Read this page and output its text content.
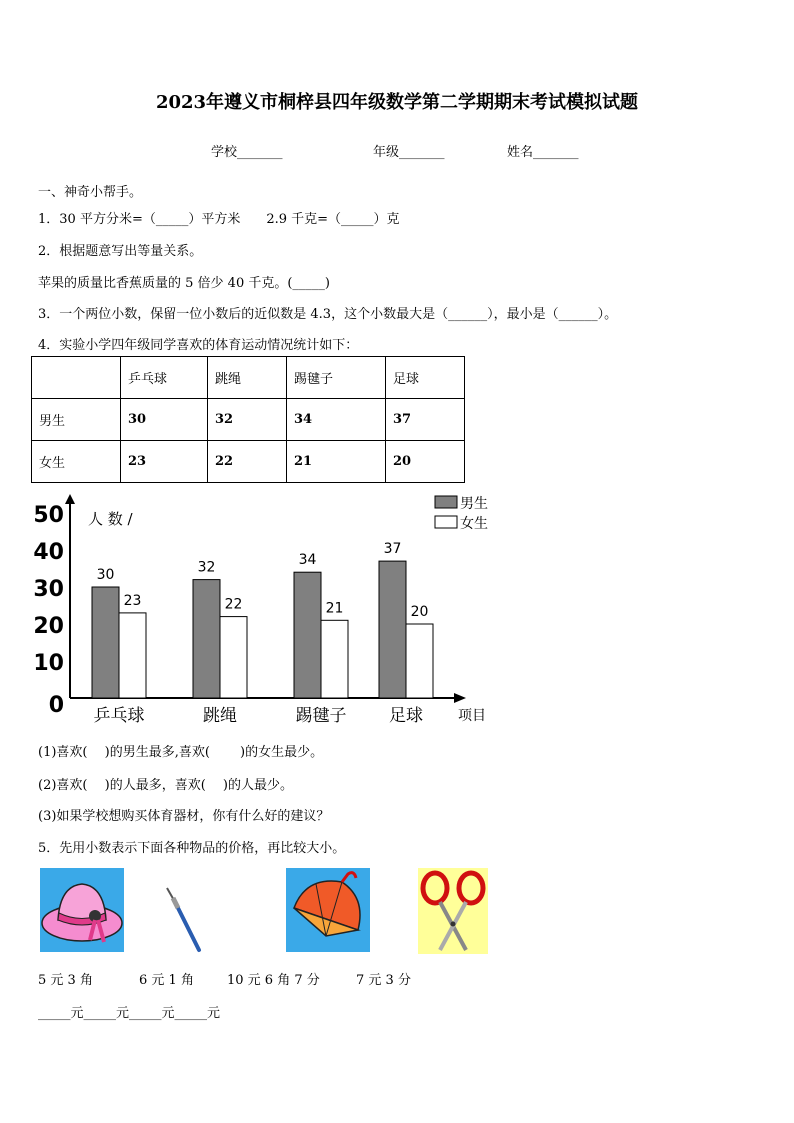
2023年遵义市桐梓县四年级数学第二学期期末考试模拟试题
学校_______	年级_______	姓名_______
一、神奇小帮手。
1．30 平方分米=（_____）平方米　　2.9 千克=（_____）克
2．根据题意写出等量关系。
苹果的质量比香蕉质量的 5 倍少 40 千克。(_____)
3．一个两位小数，保留一位小数后的近似数是 4.3，这个小数最大是（______），最小是（______）。
4．实验小学四年级同学喜欢的体育运动情况统计如下：
	乒乓球	跳绳	踢毽子	足球
男生	30	32	34	37
女生	23	22	21	20
0
10
20
30
40
50 人 数 /
项目
30
23
乒乓球
32
22
跳绳
34
21
踢毽子
37
20
足球
男生
女生
(1)喜欢(　 )的男生最多,喜欢(　　 )的女生最少。
(2)喜欢(　 )的人最多，喜欢(　 )的人最少。
(3)如果学校想购买体育器材，你有什么好的建议？
5．先用小数表示下面各种物品的价格，再比较大小。
5 元 3 角	6 元 1 角	10 元 6 角 7 分	7 元 3 分
_____元_____元_____元_____元
